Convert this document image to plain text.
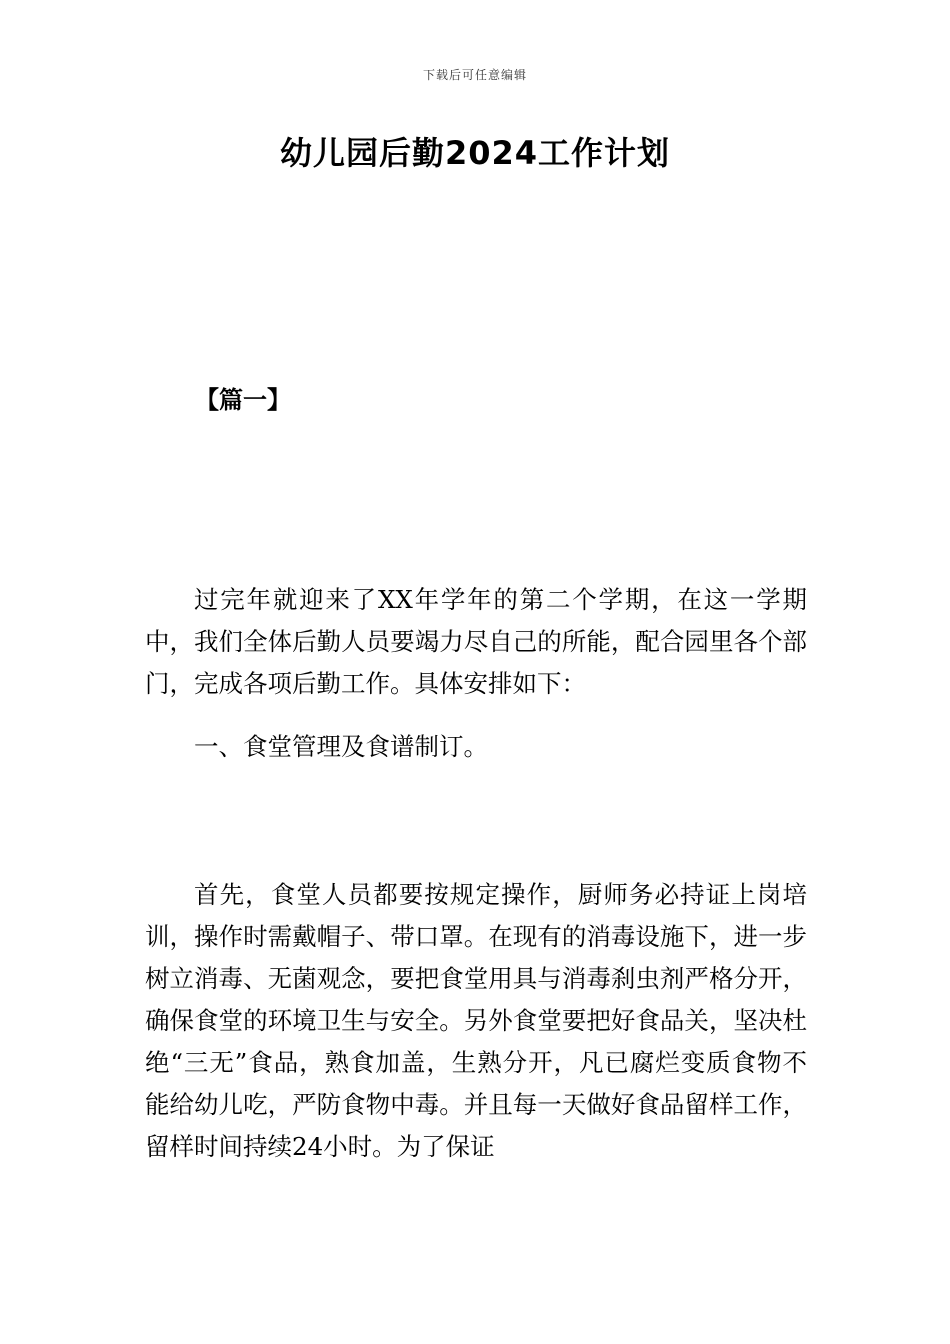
下载后可任意编辑
幼儿园后勤2024工作计划
【篇一】

过完年就迎来了XX年学年的第二个学期，在这一学期中，我们全体后勤人员要竭力尽自己的所能，配合园里各个部门，完成各项后勤工作。具体安排如下：

一、食堂管理及食谱制订。

首先，食堂人员都要按规定操作，厨师务必持证上岗培训，操作时需戴帽子、带口罩。在现有的消毒设施下，进一步树立消毒、无菌观念，要把食堂用具与消毒刹虫剂严格分开，确保食堂的环境卫生与安全。另外食堂要把好食品关，坚决杜绝“三无”食品，熟食加盖，生熟分开，凡已腐烂变质食物不能给幼儿吃，严防食物中毒。并且每一天做好食品留样工作，留样时间持续24小时。为了保证
